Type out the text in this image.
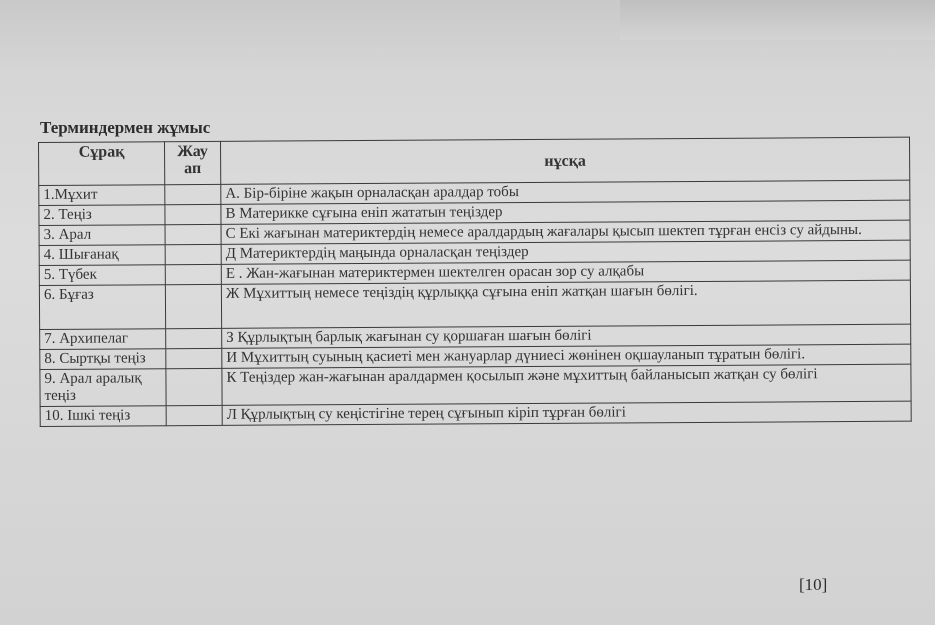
Терминдермен жұмыс
Сұрақ	Жау ап	нұсқа
1.Мұхит		А. Бір-біріне жақын орналасқан аралдар тобы
2. Теңіз		В Материкке сұғына еніп жататын теңіздер
3. Арал		С Екі жағынан материктердің немесе аралдардың жағалары қысып шектеп тұрған енсіз су айдыны.
4. Шығанақ		Д Материктердің маңында орналасқан теңіздер
5. Түбек		Е . Жан-жағынан материктермен шектелген орасан зор су алқабы
6. Бұғаз		Ж Мұхиттың немесе теңіздің құрлыққа сұғына еніп жатқан шағын бөлігі.
7. Архипелаг		З Құрлықтың барлық жағынан су қоршаған шағын бөлігі
8. Сыртқы теңіз		И Мұхиттың суының қасиеті мен жануарлар дүниесі жөнінен оқшауланып тұратын бөлігі.
9. Арал аралық теңіз		К Теңіздер жан-жағынан аралдармен қосылып және мұхиттың байланысып жатқан су бөлігі
10. Ішкі теңіз		Л Құрлықтың су кеңістігіне терең сұғынып кіріп тұрған бөлігі
[10]
